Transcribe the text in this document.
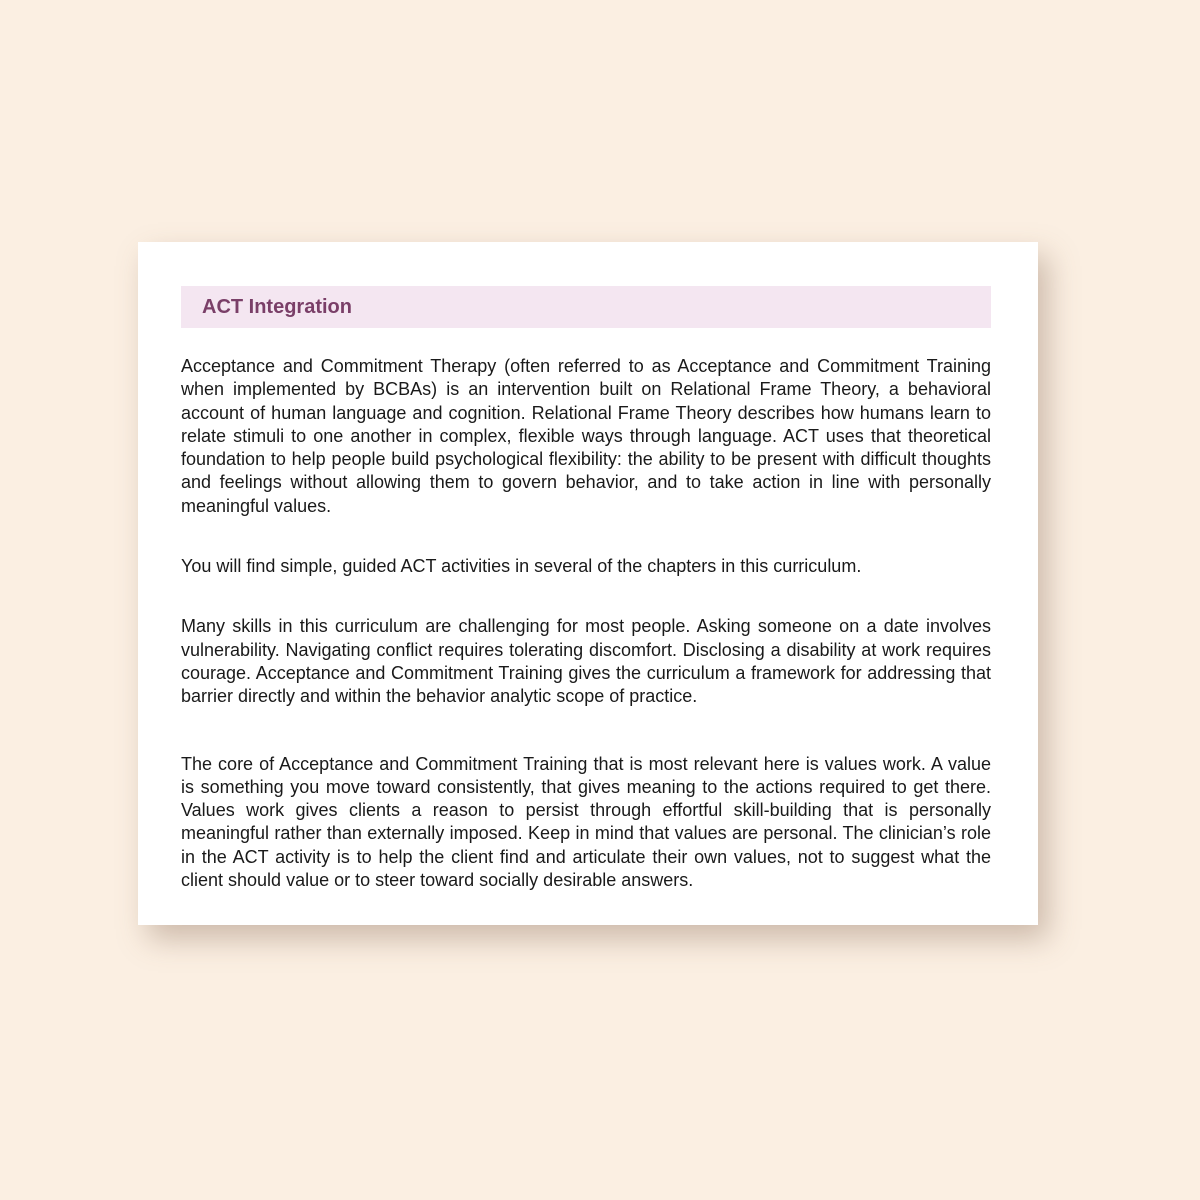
ACT Integration

Acceptance and Commitment Therapy (often referred to as Acceptance and Commitment Training when implemented by BCBAs) is an intervention built on Relational Frame Theory, a behavioral account of human language and cognition. Relational Frame Theory describes how humans learn to relate stimuli to one another in complex, flexible ways through language. ACT uses that theoretical foundation to help people build psychological flexibility: the ability to be present with difficult thoughts and feelings without allowing them to govern behavior, and to take action in line with personally meaningful values.

You will find simple, guided ACT activities in several of the chapters in this curriculum.

Many skills in this curriculum are challenging for most people. Asking someone on a date involves vulnerability. Navigating conflict requires tolerating discomfort. Disclosing a disability at work requires courage. Acceptance and Commitment Training gives the curriculum a framework for addressing that barrier directly and within the behavior analytic scope of practice.

The core of Acceptance and Commitment Training that is most relevant here is values work. A value is something you move toward consistently, that gives meaning to the actions required to get there. Values work gives clients a reason to persist through effortful skill-building that is personally meaningful rather than externally imposed. Keep in mind that values are personal. The clinician’s role in the ACT activity is to help the client find and articulate their own values, not to suggest what the client should value or to steer toward socially desirable answers.
